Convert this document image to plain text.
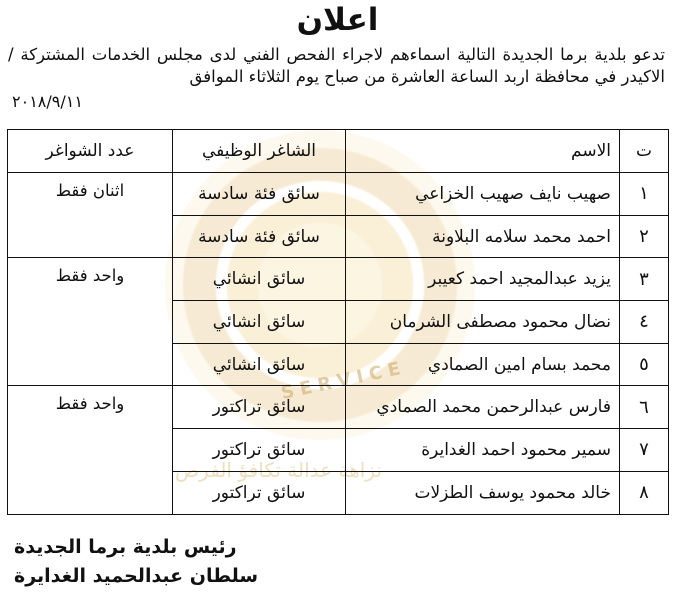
SERVICE
نزاهة عدالة تكافؤ الفرص
اعلان
تدعو بلدية برما الجديدة التالية اسماءهم لاجراء الفحص الفني لدى مجلس الخدمات المشتركة / الاكيدر في محافظة اربد الساعة العاشرة من صباح يوم الثلاثاء الموافق
٢٠١٨/٩/١١
ت	الاسم	الشاغر الوظيفي	عدد الشواغر
١	صهيب نايف صهيب الخزاعي	سائق فئة سادسة	اثنان فقط
٢	احمد محمد سلامه البلاونة	سائق فئة سادسة	
٣	يزيد عبدالمجيد احمد كعيبر	سائق انشائي	واحد فقط
٤	نضال محمود مصطفى الشرمان	سائق انشائي	
٥	محمد بسام امين الصمادي	سائق انشائي	
٦	فارس عبدالرحمن محمد الصمادي	سائق تراكتور	واحد فقط
٧	سمير محمود احمد الغدايرة	سائق تراكتور	
٨	خالد محمود يوسف الطزلات	سائق تراكتور	
رئيس بلدية برما الجديدة
سلطان عبدالحميد الغدايرة
